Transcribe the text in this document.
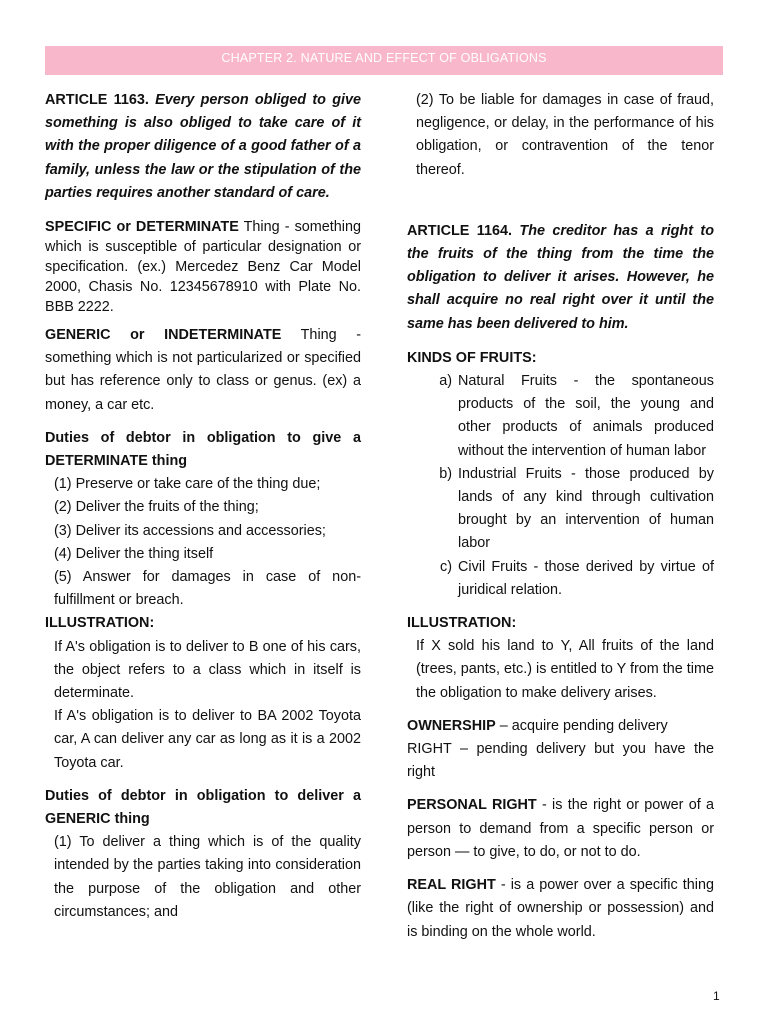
CHAPTER 2. NATURE AND EFFECT OF OBLIGATIONS

ARTICLE 1163. Every person obliged to give something is also obliged to take care of it with the proper diligence of a good father of a family, unless the law or the stipulation of the parties requires another standard of care.

SPECIFIC or DETERMINATE Thing - something which is susceptible of particular designation or specification. (ex.) Mercedez Benz Car Model 2000, Chasis No. 12345678910 with Plate No. BBB 2222.

GENERIC or INDETERMINATE Thing - something which is not particularized or specified but has reference only to class or genus. (ex) a money, a car etc.

Duties of debtor in obligation to give a DETERMINATE thing

(1) Preserve or take care of the thing due;

(2) Deliver the fruits of the thing;

(3) Deliver its accessions and accessories;

(4) Deliver the thing itself

(5) Answer for damages in case of non-fulfillment or breach.

ILLUSTRATION:

If A's obligation is to deliver to B one of his cars, the object refers to a class which in itself is determinate.

If A's obligation is to deliver to BA 2002 Toyota car, A can deliver any car as long as it is a 2002 Toyota car.

Duties of debtor in obligation to deliver a GENERIC thing

(1) To deliver a thing which is of the quality intended by the parties taking into consideration the purpose of the obligation and other circumstances; and

(2) To be liable for damages in case of fraud, negligence, or delay, in the performance of his obligation, or contravention of the tenor thereof.

ARTICLE 1164. The creditor has a right to the fruits of the thing from the time the obligation to deliver it arises. However, he shall acquire no real right over it until the same has been delivered to him.

KINDS OF FRUITS:

a) Natural Fruits - the spontaneous products of the soil, the young and other products of animals produced without the intervention of human labor
b) Industrial Fruits - those produced by lands of any kind through cultivation brought by an intervention of human labor
c) Civil Fruits - those derived by virtue of juridical relation.

ILLUSTRATION:

If X sold his land to Y, All fruits of the land (trees, pants, etc.) is entitled to Y from the time the obligation to make delivery arises.

OWNERSHIP – acquire pending delivery

RIGHT – pending delivery but you have the right

PERSONAL RIGHT - is the right or power of a person to demand from a specific person or person — to give, to do, or not to do.

REAL RIGHT - is a power over a specific thing (like the right of ownership or possession) and is binding on the whole world.

1
